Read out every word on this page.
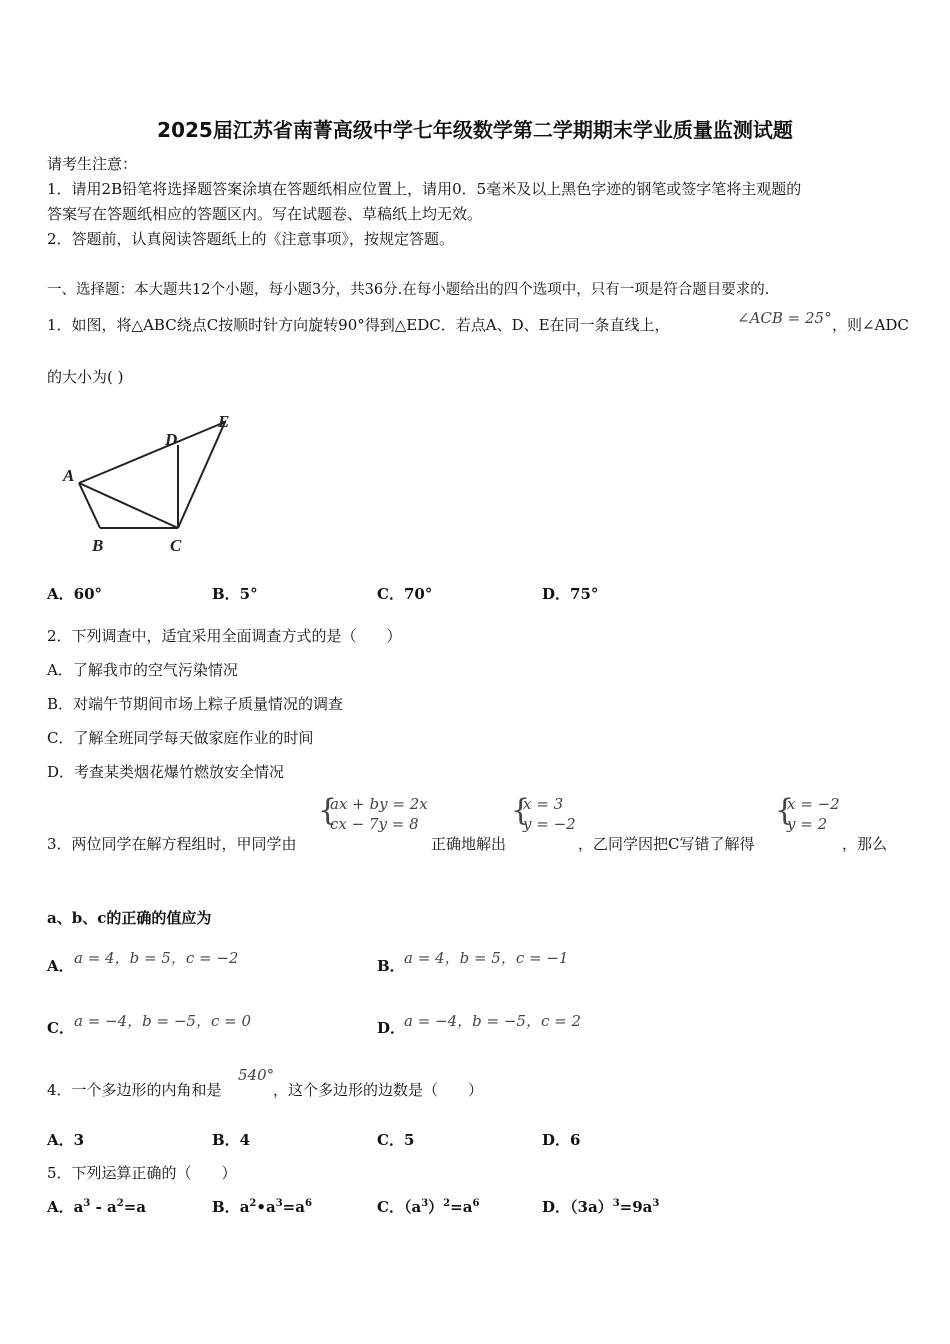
2025届江苏省南菁高级中学七年级数学第二学期期末学业质量监测试题
请考生注意：
1．请用2B铅笔将选择题答案涂填在答题纸相应位置上，请用0．5毫米及以上黑色字迹的钢笔或签字笔将主观题的
答案写在答题纸相应的答题区内。写在试题卷、草稿纸上均无效。
2．答题前，认真阅读答题纸上的《注意事项》，按规定答题。
一、选择题：本大题共12个小题，每小题3分，共36分.在每小题给出的四个选项中，只有一项是符合题目要求的.
1．如图，将△ABC绕点C按顺时针方向旋转90°得到△EDC．若点A、D、E在同一条直线上，	∠ACB = 25° ，则∠ADC
的大小为( )
A
B	C
D
E
A．60°	B．5°	C．70°	D．75°
2．下列调查中，适宜采用全面调查方式的是（　　）
A．了解我市的空气污染情况
B．对端午节期间市场上粽子质量情况的调查
C．了解全班同学每天做家庭作业的时间
D．考查某类烟花爆竹燃放安全情况
3．两位同学在解方程组时，甲同学由
{
ax + by = 2x
cx − 7y = 8
正确地解出
{
x = 3
y = −2
，乙同学因把C写错了解得
{
x = −2
y = 2
，那么
a、b、c的正确的值应为
A． a = 4，b = 5，c = −2	B． a = 4，b = 5，c = −1
C． a = −4，b = −5，c = 0	D．
a = −4，b = −5，c = 2
4．一个多边形的内角和是
540°
，这个多边形的边数是（　　）
A．3	B．4	C．5	D．6
5．下列运算正确的（　　）
A．$a^3 - a^2=a$	B．$a^2•a^3=a^6$	C．$(a^3)^2=a^6$	D．$(3a)^3=9a^3$
